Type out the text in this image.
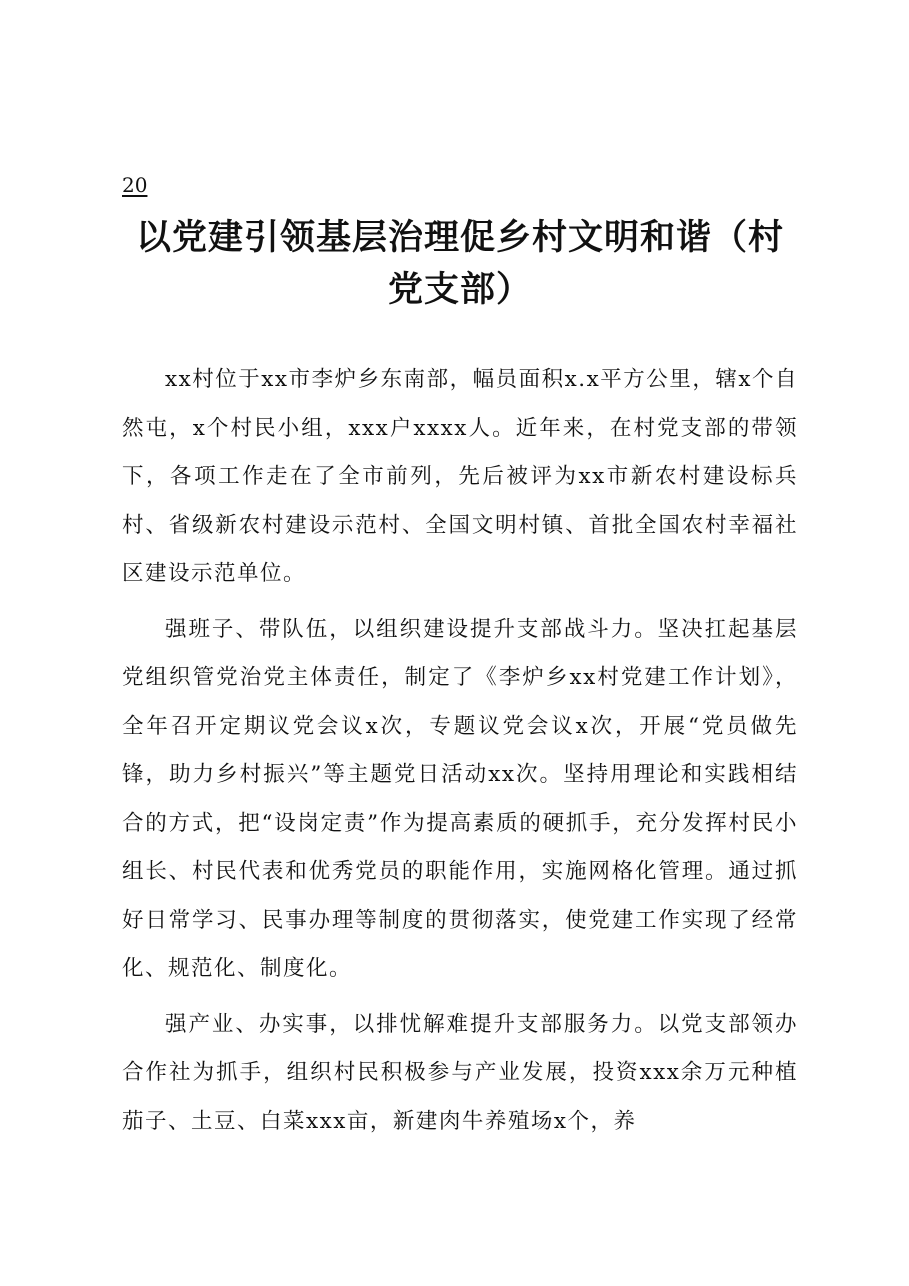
20
以党建引领基层治理促乡村文明和谐（村党支部）

xx村位于xx市李炉乡东南部，幅员面积x.x平方公里，辖x个自然屯，x个村民小组，xxx户xxxx人。近年来，在村党支部的带领下，各项工作走在了全市前列，先后被评为xx市新农村建设标兵村、省级新农村建设示范村、全国文明村镇、首批全国农村幸福社区建设示范单位。

强班子、带队伍，以组织建设提升支部战斗力。坚决扛起基层党组织管党治党主体责任，制定了《李炉乡xx村党建工作计划》，全年召开定期议党会议x次，专题议党会议x次，开展“党员做先锋，助力乡村振兴”等主题党日活动xx次。坚持用理论和实践相结合的方式，把“设岗定责”作为提高素质的硬抓手，充分发挥村民小组长、村民代表和优秀党员的职能作用，实施网格化管理。通过抓好日常学习、民事办理等制度的贯彻落实，使党建工作实现了经常化、规范化、制度化。

强产业、办实事，以排忧解难提升支部服务力。以党支部领办合作社为抓手，组织村民积极参与产业发展，投资xxx余万元种植茄子、土豆、白菜xxx亩，新建肉牛养殖场x个，养
